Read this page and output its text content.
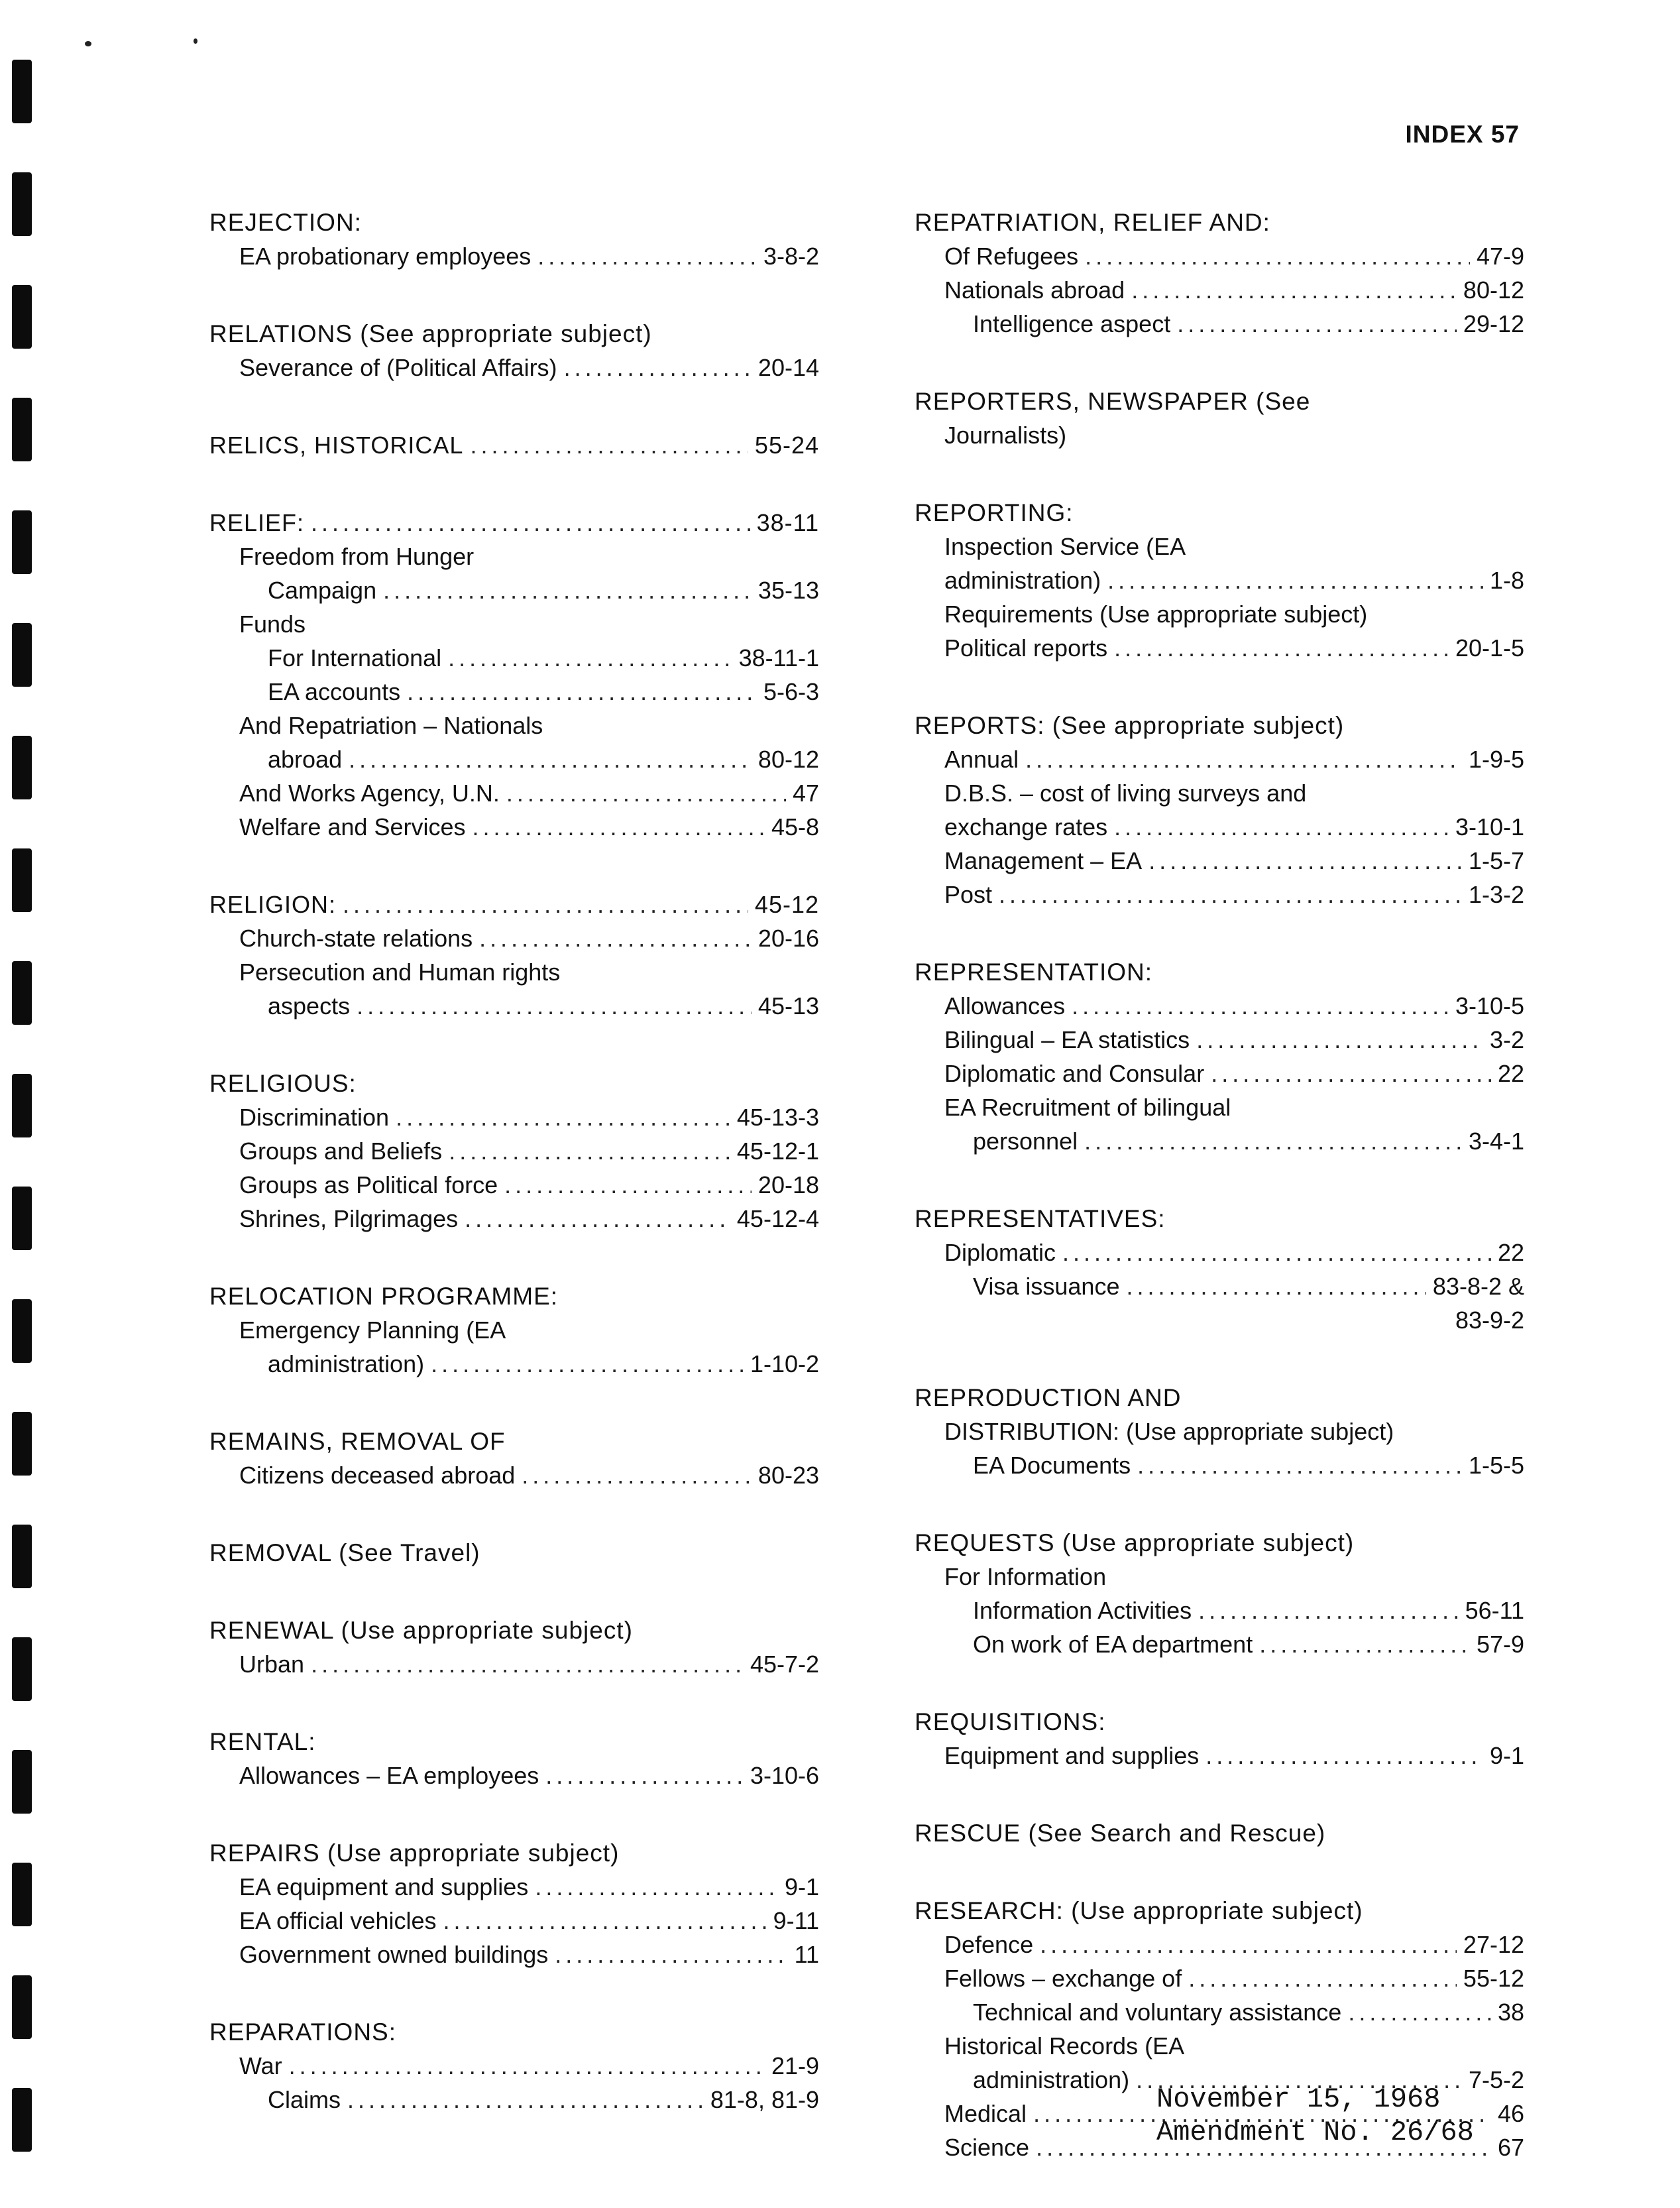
INDEX 57
REJECTION:
EA probationary employees .....	3-8-2
RELATIONS (See appropriate subject)
Severance of (Political Affairs) .....	20-14
RELICS, HISTORICAL .....	55-24
RELIEF: .....	38-11
Freedom from Hunger
Campaign .....	35-13
Funds
For International .....	38-11-1
EA accounts .....	5-6-3
And Repatriation – Nationals
abroad .....	80-12
And Works Agency, U.N. .....	47
Welfare and Services .....	45-8
RELIGION: .....	45-12
Church-state relations .....	20-16
Persecution and Human rights
aspects .....	45-13
RELIGIOUS:
Discrimination .....	45-13-3
Groups and Beliefs .....	45-12-1
Groups as Political force .....	20-18
Shrines, Pilgrimages .....	45-12-4
RELOCATION PROGRAMME:
Emergency Planning (EA
administration) .....	1-10-2
REMAINS, REMOVAL OF
Citizens deceased abroad .....	80-23
REMOVAL (See Travel)
RENEWAL (Use appropriate subject)
Urban .....	45-7-2
RENTAL:
Allowances – EA employees .....	3-10-6
REPAIRS (Use appropriate subject)
EA equipment and supplies .....	9-1
EA official vehicles .....	9-11
Government owned buildings .....	11
REPARATIONS:
War .....	21-9
Claims .....	81-8, 81-9
REPATRIATION, RELIEF AND:
Of Refugees .....	47-9
Nationals abroad .....	80-12
Intelligence aspect .....	29-12
REPORTERS, NEWSPAPER (See
Journalists)
REPORTING:
Inspection Service (EA
administration) .....	1-8
Requirements (Use appropriate subject)
Political reports .....	20-1-5
REPORTS: (See appropriate subject)
Annual .....	1-9-5
D.B.S. – cost of living surveys and
exchange rates .....	3-10-1
Management – EA .....	1-5-7
Post .....	1-3-2
REPRESENTATION:
Allowances .....	3-10-5
Bilingual – EA statistics .....	3-2
Diplomatic and Consular .....	22
EA Recruitment of bilingual
personnel .....	3-4-1
REPRESENTATIVES:
Diplomatic .....	22
Visa issuance .....	83-8-2 &
83-9-2
REPRODUCTION AND
DISTRIBUTION: (Use appropriate subject)
EA Documents .....	1-5-5
REQUESTS (Use appropriate subject)
For Information
Information Activities .....	56-11
On work of EA department .....	57-9
REQUISITIONS:
Equipment and supplies .....	9-1
RESCUE (See Search and Rescue)
RESEARCH: (Use appropriate subject)
Defence .....	27-12
Fellows – exchange of .....	55-12
Technical and voluntary assistance .....	38
Historical Records (EA
administration) .....	7-5-2
Medical .....	46
Science .....	67
November 15, 1968
Amendment No. 26/68
